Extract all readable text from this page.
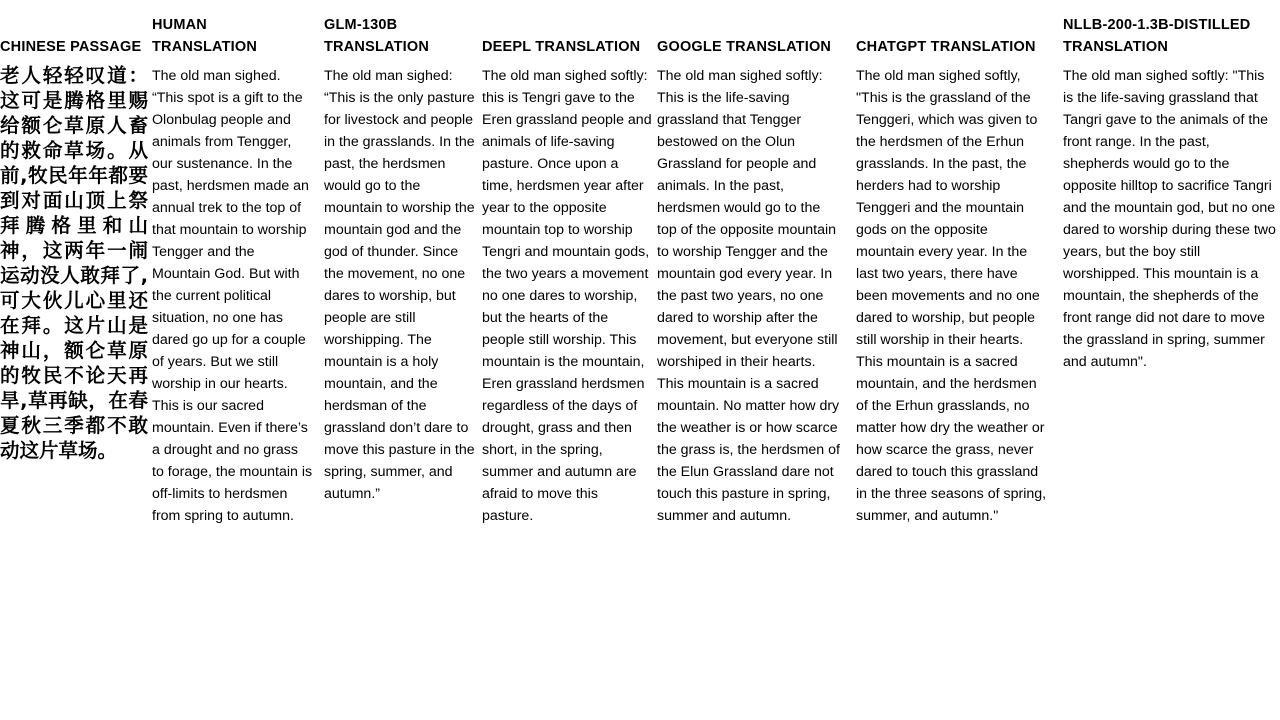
CHINESE PASSAGE
老人轻轻叹道：这可是腾格里赐给额仑草原人畜的救命草场。从前,牧民年年都要到对面山顶上祭拜腾格里和山神，这两年一闹运动没人敢拜了,可大伙儿心里还在拜。这片山是神山，额仑草原的牧民不论天再旱,草再缺，在春夏秋三季都不敢动这片草场。
HUMAN TRANSLATION
The old man sighed. “This spot is a gift to the Olonbulag people and animals from Tengger, our sustenance. In the past, herdsmen made an annual trek to the top of that mountain to worship Tengger and the Mountain God. But with the current political situation, no one has dared go up for a couple of years. But we still worship in our hearts. This is our sacred mountain. Even if there’s a drought and no grass to forage, the mountain is off-limits to herdsmen from spring to autumn.
GLM-130B TRANSLATION
The old man sighed: “This is the only pasture for livestock and people in the grasslands. In the past, the herdsmen would go to the mountain to worship the mountain god and the god of thunder. Since the movement, no one dares to worship, but people are still worshipping. The mountain is a holy mountain, and the herdsman of the grassland don’t dare to move this pasture in the spring, summer, and autumn.”
DEEPL TRANSLATION
The old man sighed softly: this is Tengri gave to the Eren grassland people and animals of life-saving pasture. Once upon a time, herdsmen year after year to the opposite mountain top to worship Tengri and mountain gods, the two years a movement no one dares to worship, but the hearts of the people still worship. This mountain is the mountain, Eren grassland herdsmen regardless of the days of drought, grass and then short, in the spring, summer and autumn are afraid to move this pasture.
GOOGLE TRANSLATION
The old man sighed softly: This is the life-saving grassland that Tengger bestowed on the Olun Grassland for people and animals. In the past, herdsmen would go to the top of the opposite mountain to worship Tengger and the mountain god every year. In the past two years, no one dared to worship after the movement, but everyone still worshiped in their hearts. This mountain is a sacred mountain. No matter how dry the weather is or how scarce the grass is, the herdsmen of the Elun Grassland dare not touch this pasture in spring, summer and autumn.
CHATGPT TRANSLATION
The old man sighed softly, "This is the grassland of the Tenggeri, which was given to the herdsmen of the Erhun grasslands. In the past, the herders had to worship Tenggeri and the mountain gods on the opposite mountain every year. In the last two years, there have been movements and no one dared to worship, but people still worship in their hearts. This mountain is a sacred mountain, and the herdsmen of the Erhun grasslands, no matter how dry the weather or how scarce the grass, never dared to touch this grassland in the three seasons of spring, summer, and autumn."
NLLB-200-1.3B-DISTILLED TRANSLATION
The old man sighed softly: "This is the life-saving grassland that Tangri gave to the animals of the front range. In the past, shepherds would go to the opposite hilltop to sacrifice Tangri and the mountain god, but no one dared to worship during these two years, but the boy still worshipped. This mountain is a mountain, the shepherds of the front range did not dare to move the grassland in spring, summer and autumn".
